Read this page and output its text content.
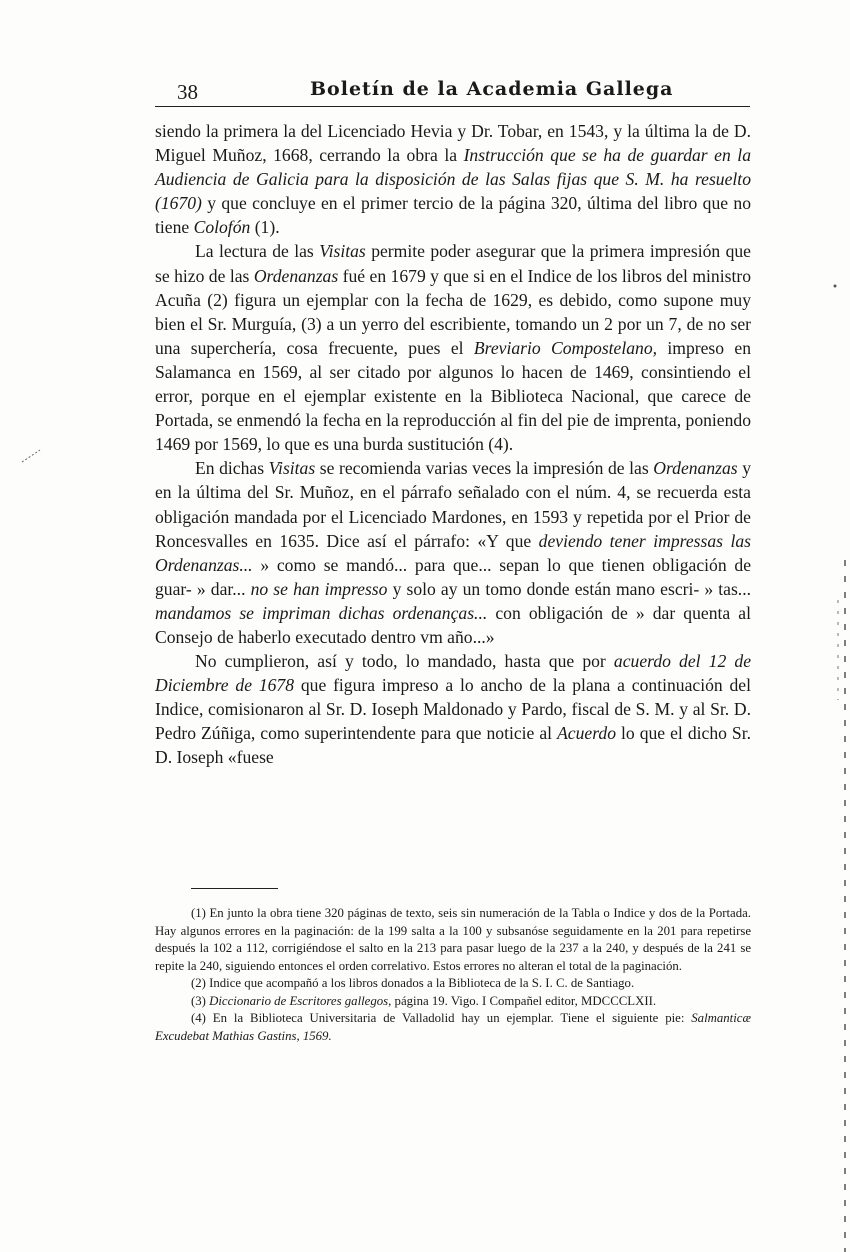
38	Boletín de la Academia Gallega

siendo la primera la del Licenciado Hevia y Dr. Tobar, en 1543, y la última la de D. Miguel Muñoz, 1668, cerrando la obra la Instrucción que se ha de guardar en la Audiencia de Galicia para la disposición de las Salas fijas que S. M. ha resuelto (1670) y que concluye en el primer tercio de la página 320, última del libro que no tiene Colofón (1).

La lectura de las Visitas permite poder asegurar que la primera impresión que se hizo de las Ordenanzas fué en 1679 y que si en el Indice de los libros del ministro Acuña (2) figura un ejemplar con la fecha de 1629, es debido, como supone muy bien el Sr. Murguía, (3) a un yerro del escribiente, tomando un 2 por un 7, de no ser una superchería, cosa frecuente, pues el Breviario Compostelano, impreso en Salamanca en 1569, al ser citado por algunos lo hacen de 1469, consintiendo el error, porque en el ejemplar existente en la Biblioteca Nacional, que carece de Portada, se enmendó la fecha en la reproducción al fin del pie de imprenta, poniendo 1469 por 1569, lo que es una burda sustitución (4).

En dichas Visitas se recomienda varias veces la impresión de las Ordenanzas y en la última del Sr. Muñoz, en el párrafo señalado con el núm. 4, se recuerda esta obligación mandada por el Licenciado Mardones, en 1593 y repetida por el Prior de Roncesvalles en 1635. Dice así el párrafo: «Y que deviendo tener impressas las Ordenanzas... » como se mandó... para que... sepan lo que tienen obligación de guar- » dar... no se han impresso y solo ay un tomo donde están mano escri- » tas... mandamos se impriman dichas ordenanças... con obligación de » dar quenta al Consejo de haberlo executado dentro vm año...»

No cumplieron, así y todo, lo mandado, hasta que por acuerdo del 12 de Diciembre de 1678 que figura impreso a lo ancho de la plana a continuación del Indice, comisionaron al Sr. D. Ioseph Maldonado y Pardo, fiscal de S. M. y al Sr. D. Pedro Zúñiga, como superintendente para que noticie al Acuerdo lo que el dicho Sr. D. Ioseph «fuese

(1) En junto la obra tiene 320 páginas de texto, seis sin numeración de la Tabla o Indice y dos de la Portada. Hay algunos errores en la paginación: de la 199 salta a la 100 y subsanóse seguidamente en la 201 para repetirse después la 102 a 112, corrigiéndose el salto en la 213 para pasar luego de la 237 a la 240, y después de la 241 se repite la 240, siguiendo entonces el orden correlativo. Estos errores no alteran el total de la paginación.

(2) Indice que acompañó a los libros donados a la Biblioteca de la S. I. C. de Santiago.

(3) Diccionario de Escritores gallegos, página 19. Vigo. I Compañel editor, MDCCCLXII.

(4) En la Biblioteca Universitaria de Valladolid hay un ejemplar. Tiene el siguiente pie: Salmanticæ Excudebat Mathias Gastins, 1569.
